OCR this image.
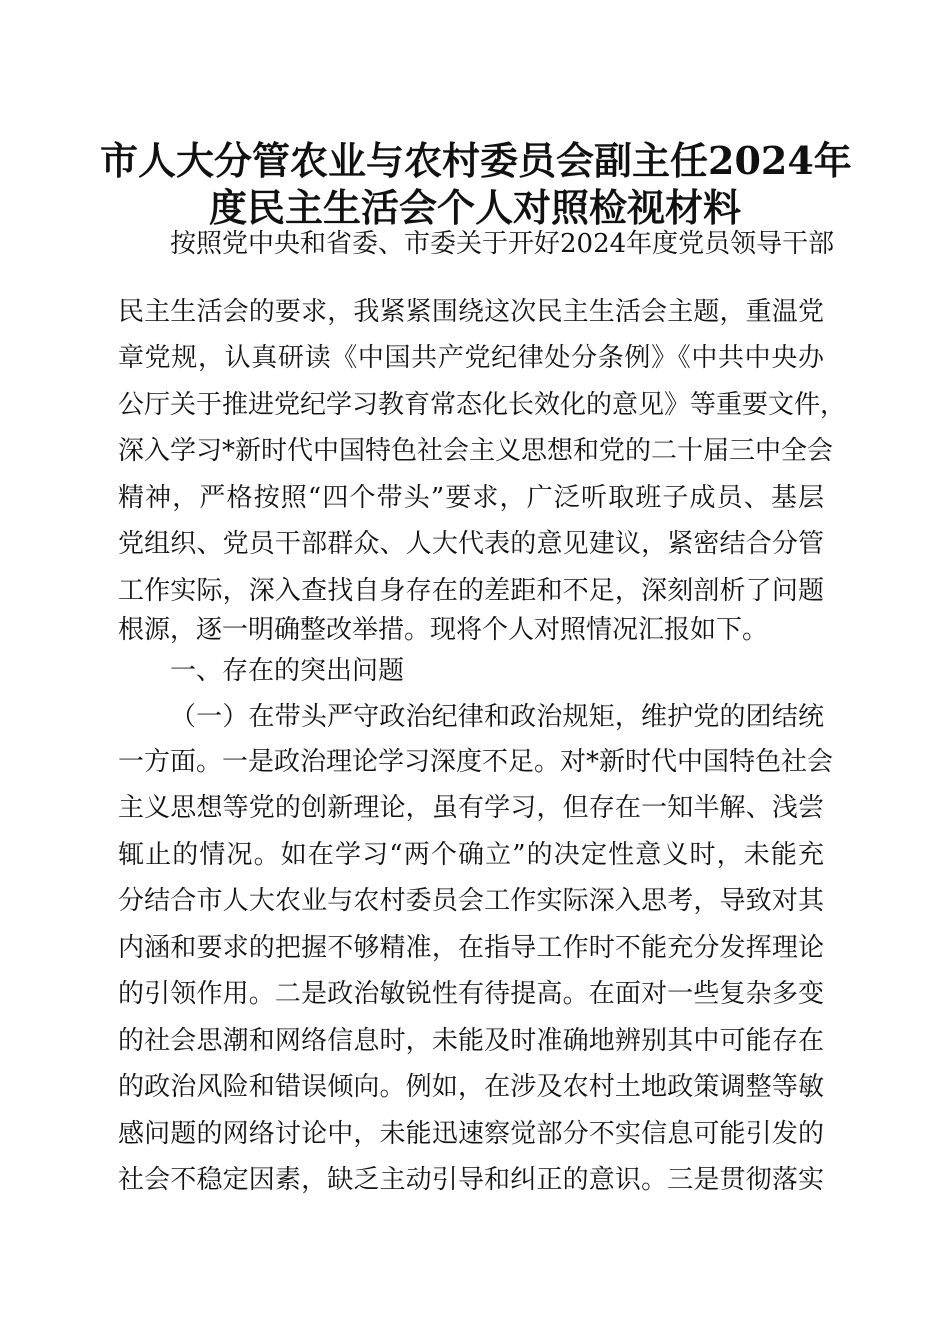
市人大分管农业与农村委员会副主任2024年
度民主生活会个人对照检视材料
按照党中央和省委、市委关于开好2024年度党员领导干部
民主生活会的要求，我紧紧围绕这次民主生活会主题，重温党
章党规，认真研读《中国共产党纪律处分条例》《中共中央办
公厅关于推进党纪学习教育常态化长效化的意见》等重要文件，
深入学习*新时代中国特色社会主义思想和党的二十届三中全会
精神，严格按照“四个带头”要求，广泛听取班子成员、基层
党组织、党员干部群众、人大代表的意见建议，紧密结合分管
工作实际，深入查找自身存在的差距和不足，深刻剖析了问题
根源，逐一明确整改举措。现将个人对照情况汇报如下。
一、存在的突出问题
（一）在带头严守政治纪律和政治规矩，维护党的团结统
一方面。一是政治理论学习深度不足。对*新时代中国特色社会
主义思想等党的创新理论，虽有学习，但存在一知半解、浅尝
辄止的情况。如在学习“两个确立”的决定性意义时，未能充
分结合市人大农业与农村委员会工作实际深入思考，导致对其
内涵和要求的把握不够精准，在指导工作时不能充分发挥理论
的引领作用。二是政治敏锐性有待提高。在面对一些复杂多变
的社会思潮和网络信息时，未能及时准确地辨别其中可能存在
的政治风险和错误倾向。例如，在涉及农村土地政策调整等敏
感问题的网络讨论中，未能迅速察觉部分不实信息可能引发的
社会不稳定因素，缺乏主动引导和纠正的意识。三是贯彻落实
